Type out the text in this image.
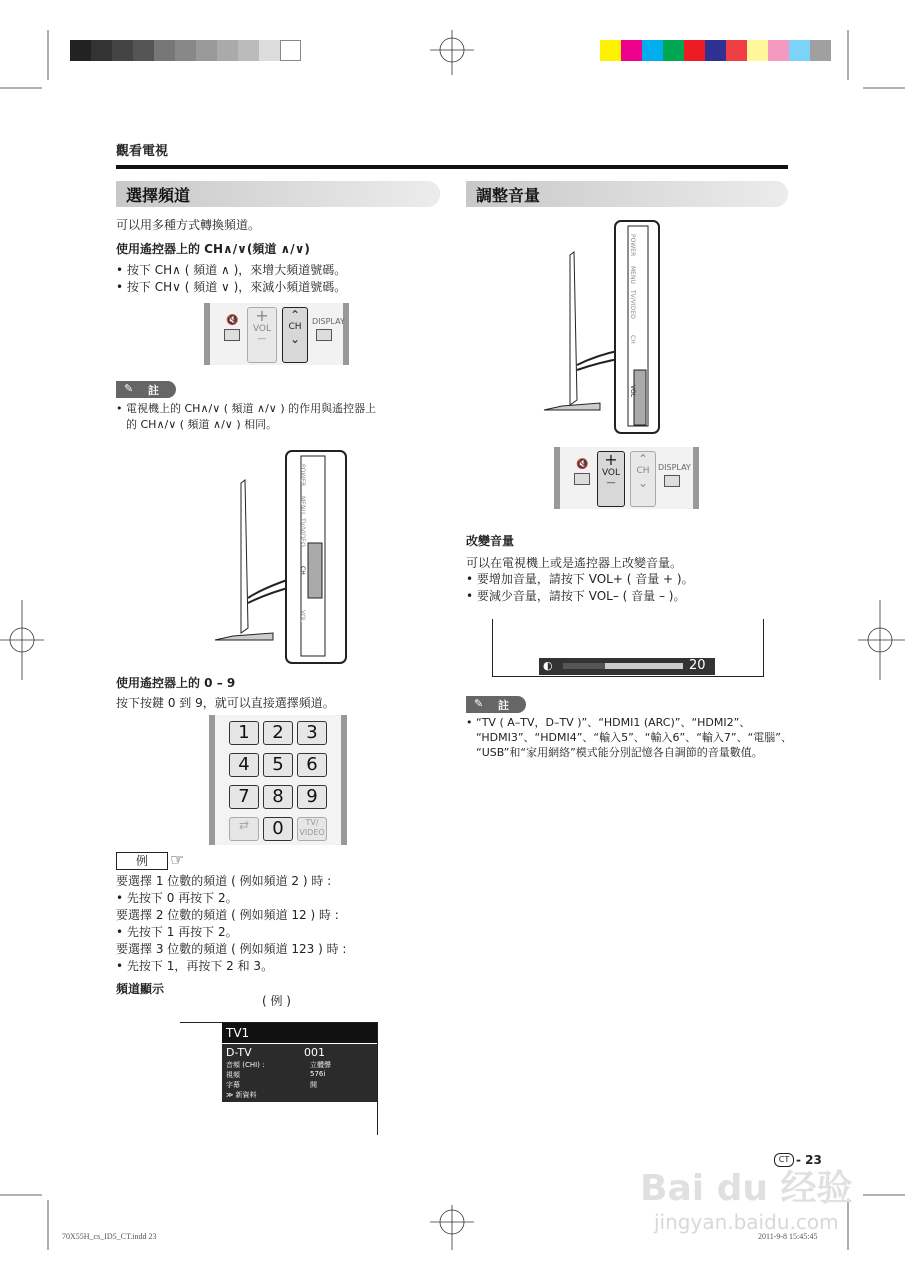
觀看電視
選擇頻道
可以用多種方式轉換頻道。
使用遙控器上的 CH∧/∨(頻道 ∧/∨)
• 按下 CH∧ ( 頻道 ∧ )，來增大頻道號碼。
• 按下 CH∨ ( 頻道 ∨ )，來減小頻道號碼。
🔇	+
VOL
—
⌃
CH
⌄
DISPLAY
✎ 註
• 電視機上的 CH∧/∨ ( 頻道 ∧/∨ ) 的作用與遙控器上
的 CH∧/∨ ( 頻道 ∧/∨ ) 相同。
POWER
MENU
TV/VIDEO
CH
VOL
使用遙控器上的 0 – 9
按下按鍵 0 到 9，就可以直接選擇頻道。
1	2	3
4	5	6
7	8	9
⇄	0	TV/ VIDEO
例	☞
要選擇 1 位數的頻道 ( 例如頻道 2 ) 時 :
• 先按下 0 再按下 2。
要選擇 2 位數的頻道 ( 例如頻道 12 ) 時 :
• 先按下 1 再按下 2。
要選擇 3 位數的頻道 ( 例如頻道 123 ) 時 :
• 先按下 1，再按下 2 和 3。
頻道顯示
( 例 )
TV1
D-TV	001
音頻 (CHI) :	立體聲
視頻	576i
字幕	開
≫ 新資料
調整音量
POWER
MENU
TV/VIDEO
CH
VOL
🔇 +
VOL
—
⌃
CH
⌄
DISPLAY
改變音量
可以在電視機上或是遙控器上改變音量。
• 要增加音量，請按下 VOL+ ( 音量 + )。
• 要減少音量，請按下 VOL– ( 音量 – )。
◐	20
✎ 註
• “TV ( A–TV，D–TV )”、“HDMI1 (ARC)”、“HDMI2”、
“HDMI3”、“HDMI4”、“輸入5”、“輸入6”、“輸入7”、“電腦”、
“USB”和“家用網絡”模式能分別記憶各自調節的音量數值。
CT - 23
Bai du 经验
jingyan.baidu.com
70X55H_cs_ID5_CT.indd 23	2011-9-8 15:45:45
